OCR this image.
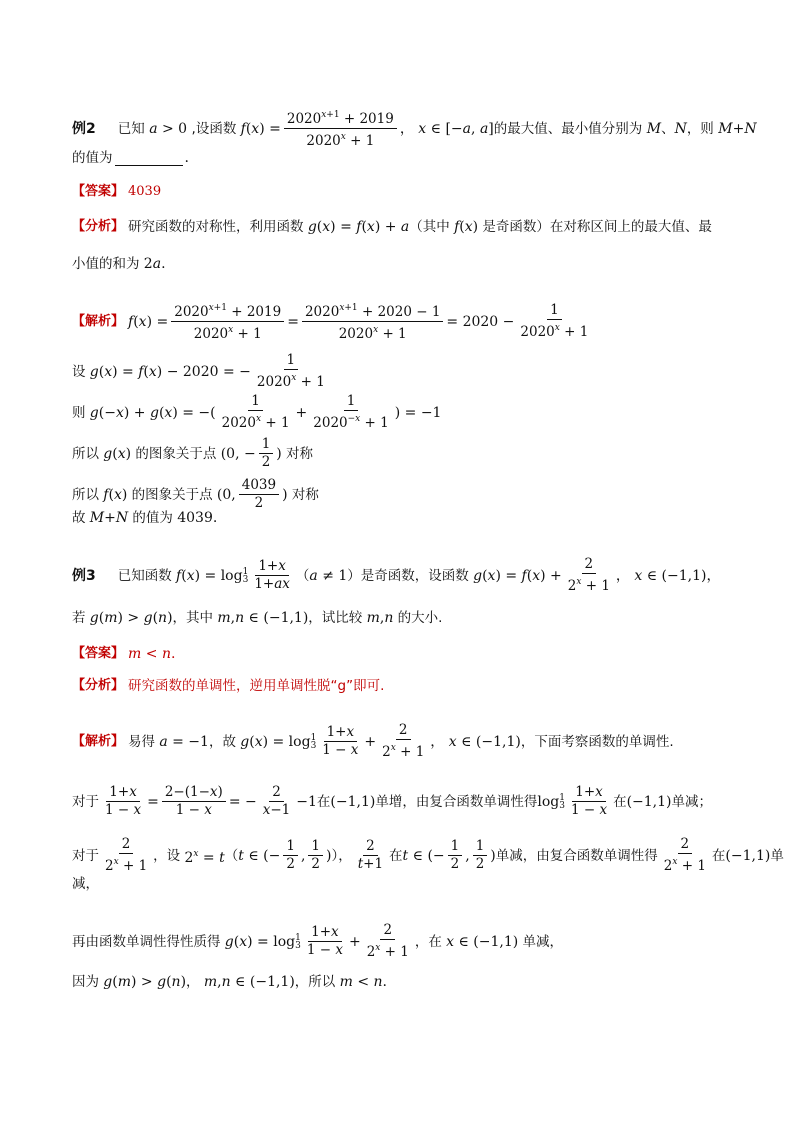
例2 已知 a > 0 ,设函数 $f(x) = \frac{2020^{x+1} + 2019}{2020^x + 1}$ ， x ∈ [−a, a] 的最大值、最小值分别为 M 、 N ，则 M+N
的值为	.
【答案】 4039
【分析】 研究函数的对称性，利用函数 g(x) = f(x) + a （其中 f(x) 是奇函数）在对称区间上的最大值、最
小值的和为 2a.
【解析】 $f(x) = \frac{2020^{x+1} + 2019}{2020^x + 1} = \frac{2020^{x+1} + 2020 - 1}{2020^x + 1} = 2020 - \frac{1}{2020^x + 1}$
设 g(x) = f(x) − 2020 = − $\frac{1}{2020^x + 1}$
则 g(−x) + g(x) = −( $\frac{1}{2020^x + 1} + \frac{1}{2020^{-x} + 1}$ ) = −1
所以 g(x) 的图象关于点 (0, − $\frac{1}{2}$ ) 对称
所以 f(x) 的图象关于点 (0, $\frac{4039}{2}$ ) 对称
故 M+N 的值为 4039.
例3 已知函数 f(x) = log 1
$3 \frac{1+x}{1+ax}$ （ a ≠ 1 ）是奇函数，设函数 $g(x) = f(x) + \frac{2}{2^x + 1}$ ， x ∈ (−1,1)，
若 g(m) > g(n) ，其中 m,n ∈ (−1,1) ，试比较 m , n 的大小.
【答案】 m < n.
【分析】 研究函数的单调性，逆用单调性脱“g”即可.
【解析】 易得 a = −1 ，故 g(x) = log 1
$3 \frac{1+x}{1 - x} + \frac{2}{2^x + 1}$ ， x ∈ (−1,1) ，下面考察函数的单调性.
对于 $\frac{1+x}{1 - x} = \frac{2-(1-x)}{1 - x}$ = − $\frac{2}{x-1} -1$ 在 (−1,1) 单增，由复合函数单调性得 log 1
$3 \frac{1+x}{1 - x}$ 在 (−1,1) 单减；
对于 $\frac{2}{2^x + 1}$ ，设 $2^x = t$ （ t ∈ (− $\frac{1}{2}$ , $\frac{1}{2}$ ) ）， $\frac{2}{t+1}$ 在 t ∈ (− $\frac{1}{2}$ , $\frac{1}{2}$ ) 单减，由复合函数单调性得 $\frac{2}{2^x + 1}$ 在 (−1,1) 单
减，
再由函数单调性得性质得 g(x) = log 1
$3 \frac{1+x}{1 - x} + \frac{2}{2^x + 1}$ ，在 x ∈ (−1,1) 单减，
因为 g(m) > g(n) ， m,n ∈ (−1,1) ，所以 m < n.
